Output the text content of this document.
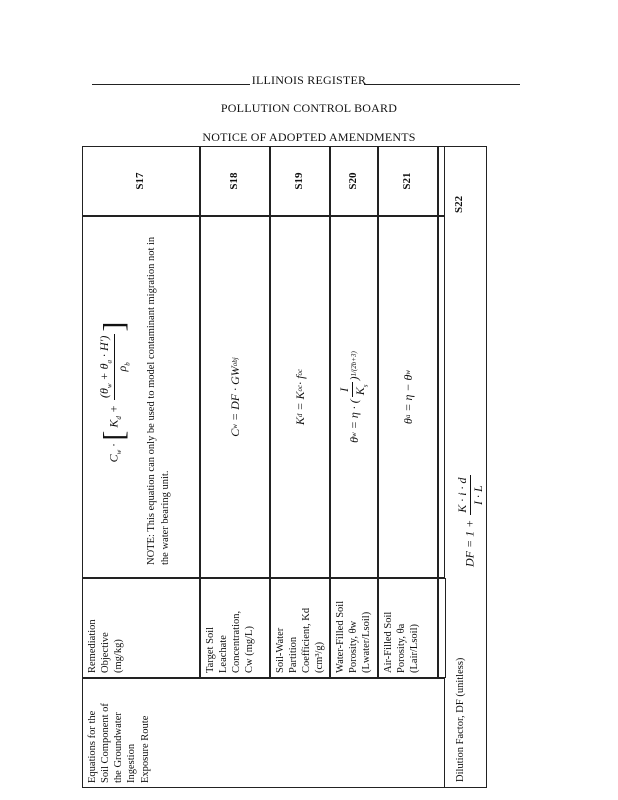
ILLINOIS REGISTER
POLLUTION CONTROL BOARD
NOTICE OF ADOPTED AMENDMENTS
Equations for the Soil Component of the Groundwater Ingestion Exposure Route
Remediation Objective (mg/kg)
$C_w$ · [ $K_d$ +
$(\theta_w + \theta_a \cdot H')$
$\rho_b$
] NOTE: This equation can only be used to model contaminant migration not in the water bearing unit.
S17
Target Soil Leachate Concentration, Cw (mg/L)
C
w
= DF · GW
obj
S18
Soil-Water Partition Coefficient, Kd (cm³/g)
K
d
= K
oc
· f
oc
S19
Water-Filled Soil Porosity, θw (Lwater/Lsoil)
θ
w
= η · (
I $K_s$
)
1/(2b+3)
S20
Air-Filled Soil Porosity, θa (Lair/Lsoil)
θ
a
= η − θ
w
S21
S22
DF = 1 +
K · i · d I · L
Dilution Factor, DF (unitless)
